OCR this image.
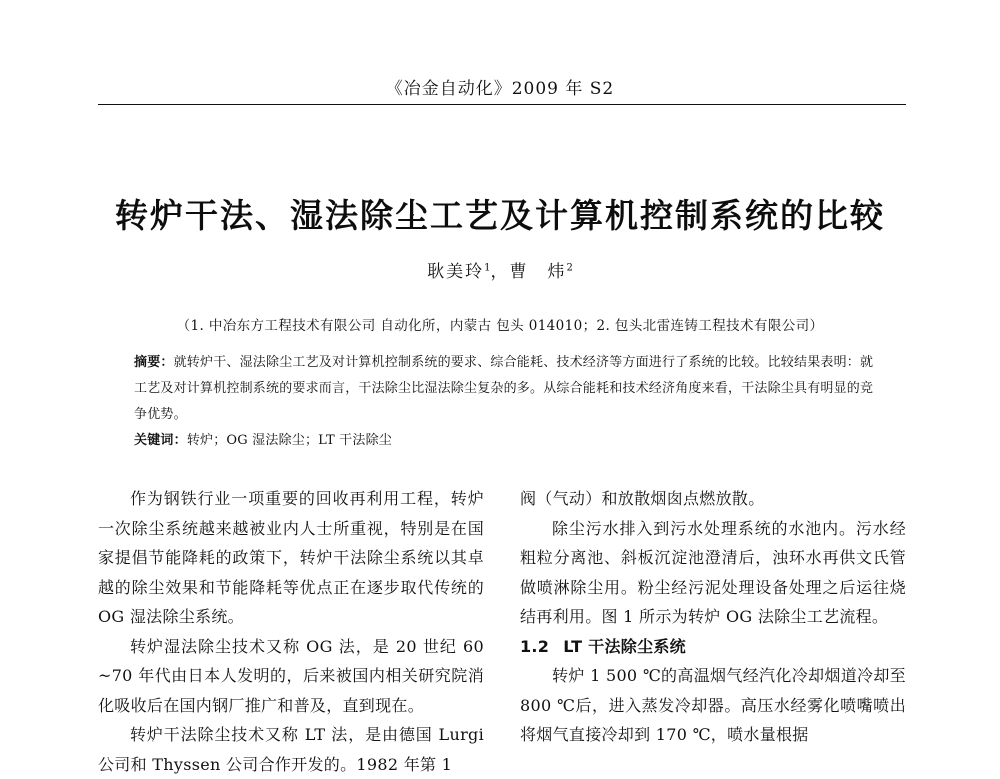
《冶金自动化》2009 年 S2
转炉干法、湿法除尘工艺及计算机控制系统的比较
耿美玲$^1$，曹　炜$^2$
（1. 中冶东方工程技术有限公司 自动化所，内蒙古 包头 014010；2. 包头北雷连铸工程技术有限公司）
摘要：就转炉干、湿法除尘工艺及对计算机控制系统的要求、综合能耗、技术经济等方面进行了系统的比较。比较结果表明：就工艺及对计算机控制系统的要求而言，干法除尘比湿法除尘复杂的多。从综合能耗和技术经济角度来看，干法除尘具有明显的竞争优势。
关键词：转炉；OG 湿法除尘；LT 干法除尘

作为钢铁行业一项重要的回收再利用工程，转炉一次除尘系统越来越被业内人士所重视，特别是在国家提倡节能降耗的政策下，转炉干法除尘系统以其卓越的除尘效果和节能降耗等优点正在逐步取代传统的 OG 湿法除尘系统。

转炉湿法除尘技术又称 OG 法，是 20 世纪 60 ~70 年代由日本人发明的，后来被国内相关研究院消化吸收后在国内钢厂推广和普及，直到现在。

转炉干法除尘技术又称 LT 法，是由德国 Lurgi 公司和 Thyssen 公司合作开发的。1982 年第 1

阀（气动）和放散烟囱点燃放散。

除尘污水排入到污水处理系统的水池内。污水经粗粒分离池、斜板沉淀池澄清后，浊环水再供文氏管做喷淋除尘用。粉尘经污泥处理设备处理之后运往烧结再利用。图 1 所示为转炉 OG 法除尘工艺流程。

1.2 LT 干法除尘系统

转炉 1 500 ℃的高温烟气经汽化冷却烟道冷却至 800 ℃后，进入蒸发冷却器。高压水经雾化喷嘴喷出将烟气直接冷却到 170 ℃，喷水量根据
